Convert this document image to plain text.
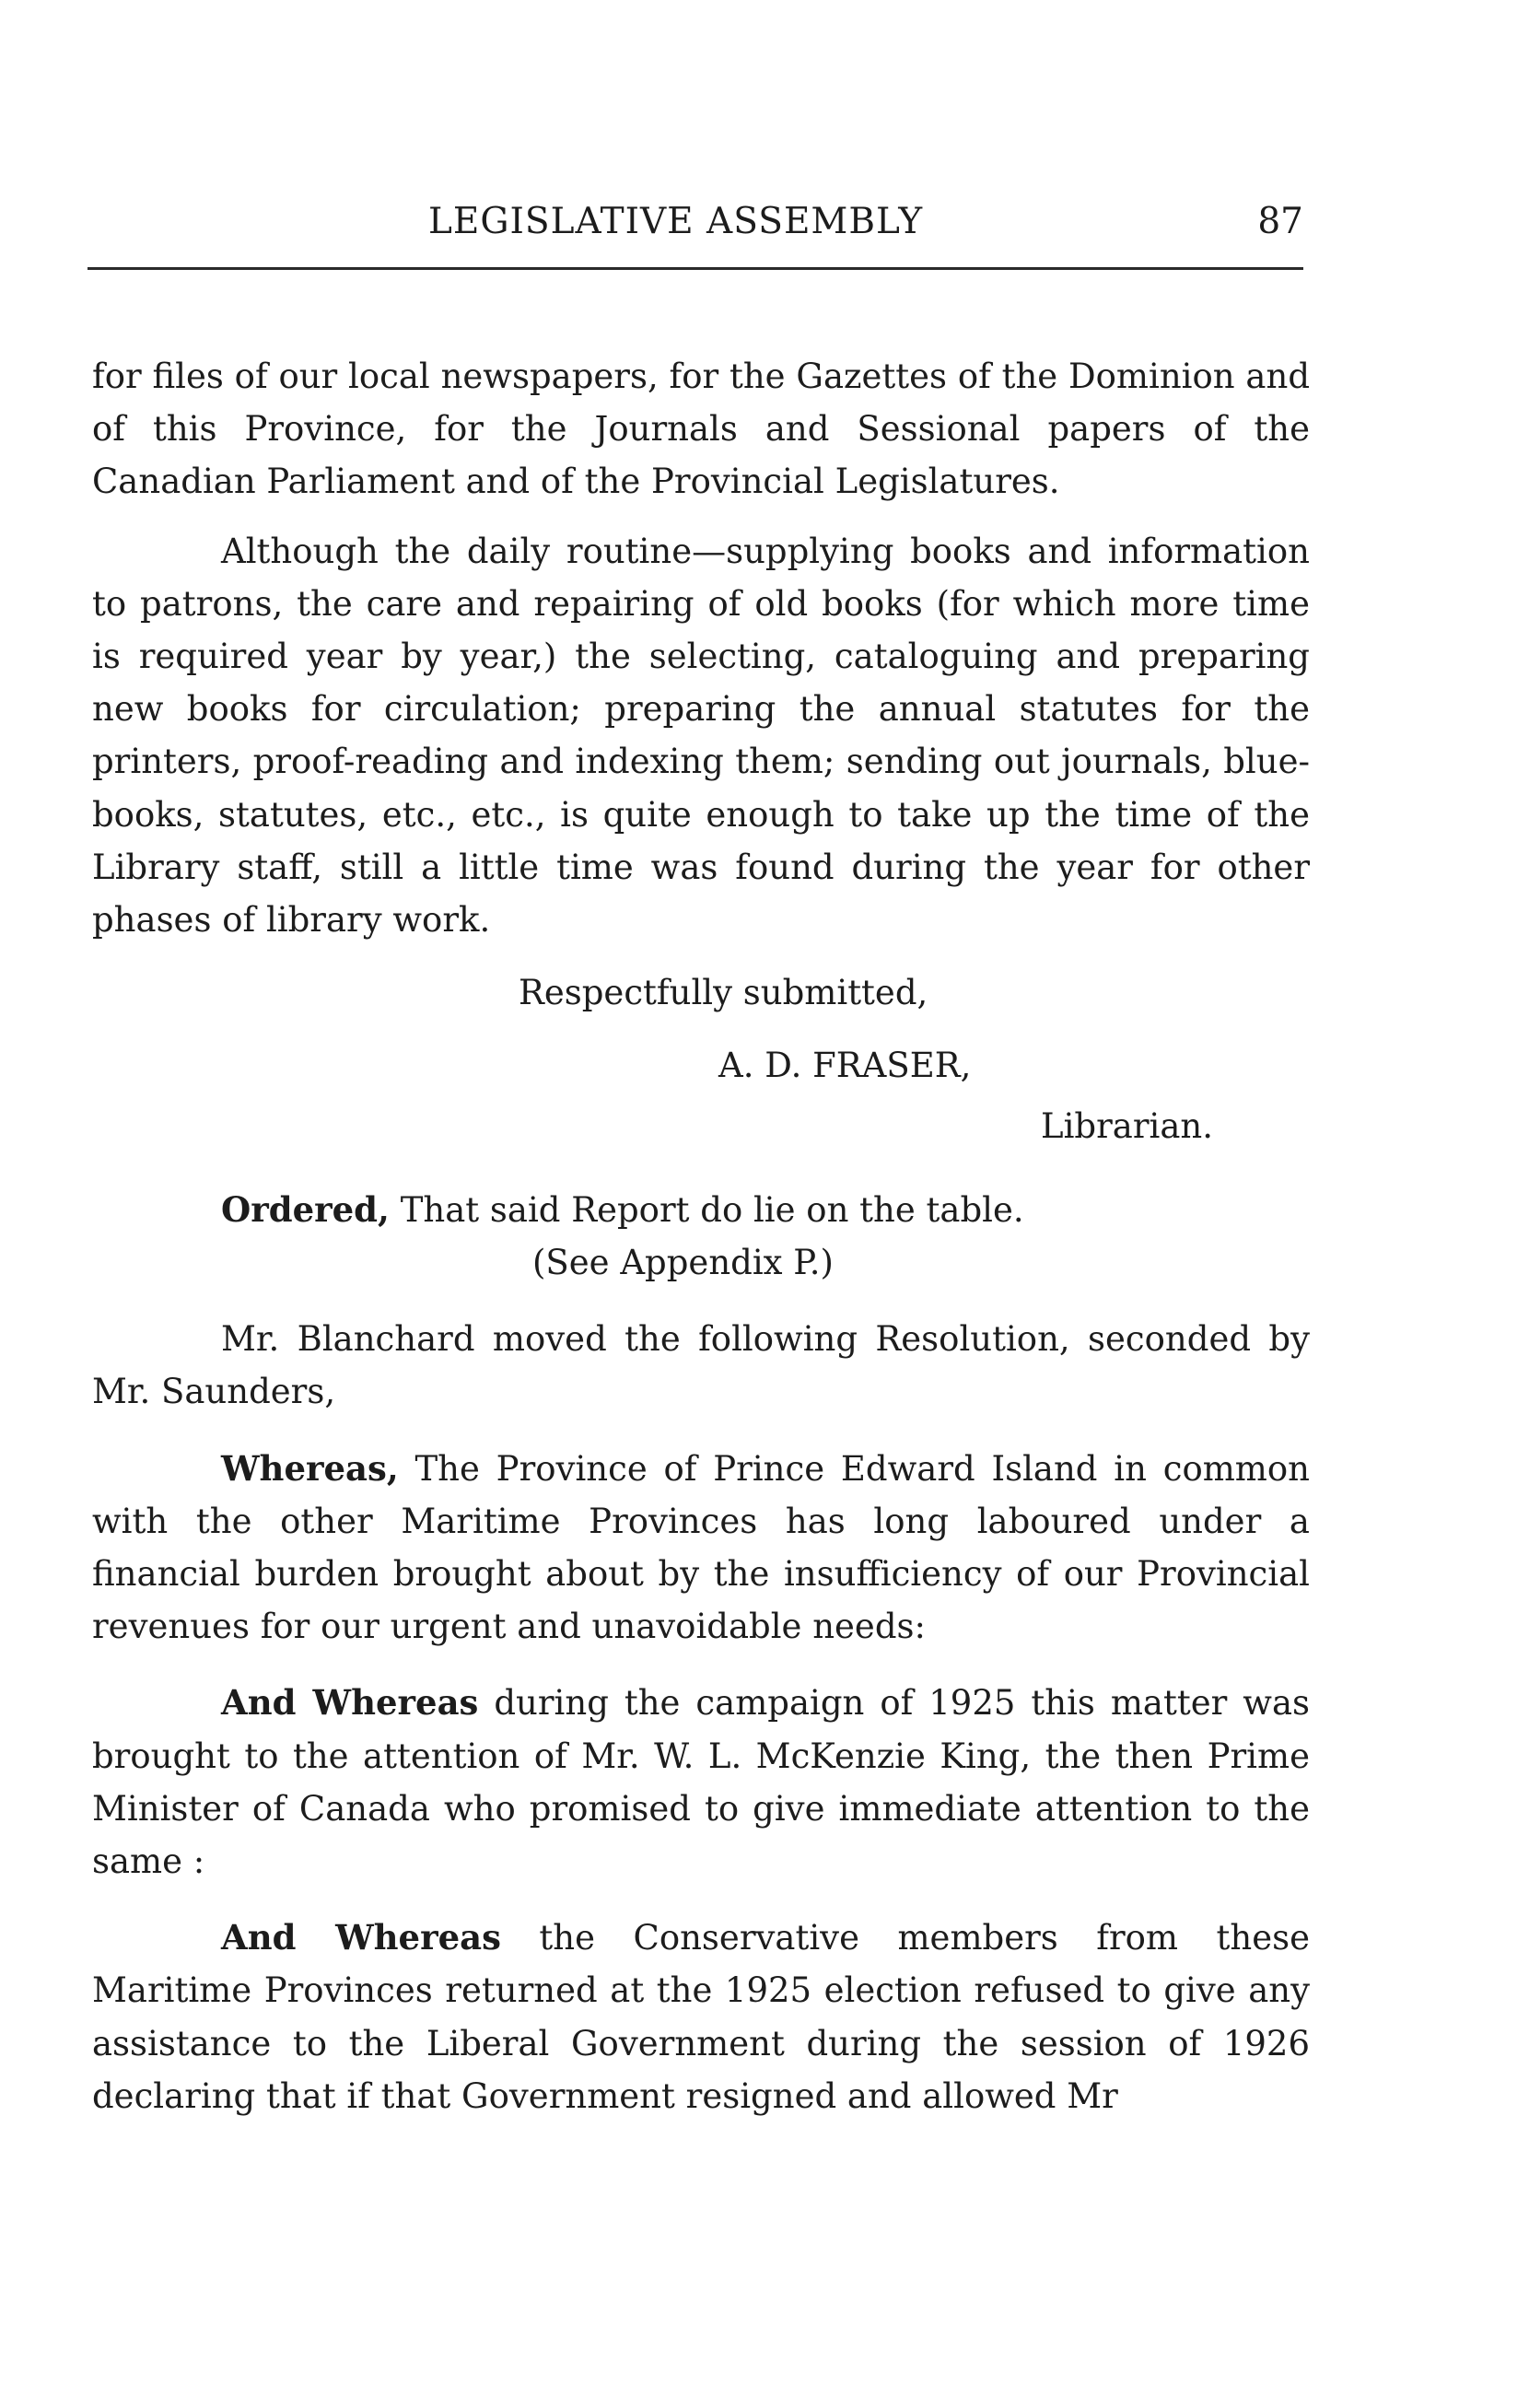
LEGISLATIVE ASSEMBLY	87

for files of our local newspapers, for the Gazettes of the Dominion and of this Province, for the Journals and Sessional papers of the Canadian Parliament and of the Provincial Legislatures.

Although the daily routine—supplying books and information to patrons, the care and repairing of old books (for which more time is required year by year,) the selecting, cataloguing and preparing new books for circulation; preparing the annual statutes for the printers, proof-reading and indexing them; sending out journals, blue-books, statutes, etc., etc., is quite enough to take up the time of the Library staff, still a little time was found during the year for other phases of library work.

Respectfully submitted,

A. D. FRASER,

Librarian.

Ordered, That said Report do lie on the table.

(See Appendix P.)

Mr. Blanchard moved the following Resolution, seconded by Mr. Saunders,

Whereas, The Province of Prince Edward Island in common with the other Maritime Provinces has long laboured under a financial burden brought about by the insufficiency of our Provincial revenues for our urgent and unavoidable needs:

And Whereas during the campaign of 1925 this matter was brought to the attention of Mr. W. L. McKenzie King, the then Prime Minister of Canada who promised to give immediate attention to the same :

And Whereas the Conservative members from these Maritime Provinces returned at the 1925 election refused to give any assistance to the Liberal Government during the session of 1926 declaring that if that Government resigned and allowed Mr
